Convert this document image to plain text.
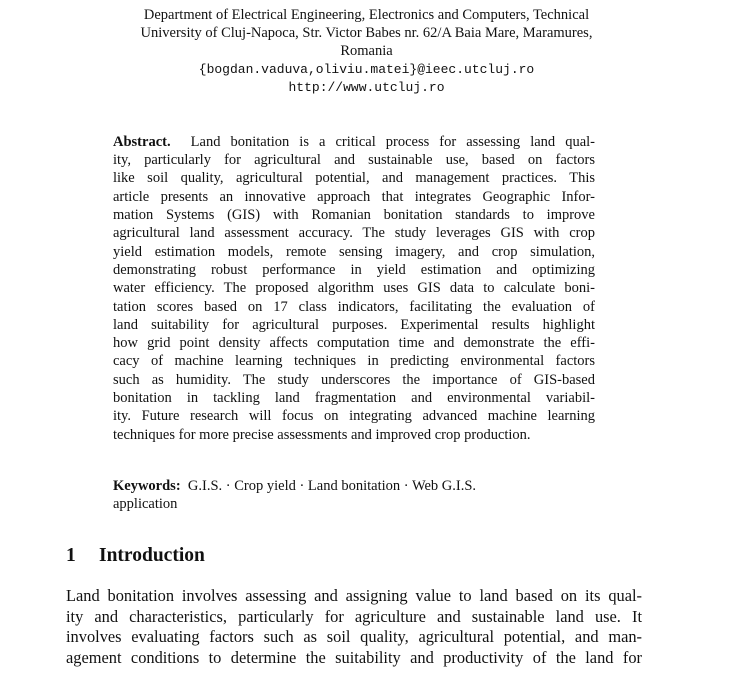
Department of Electrical Engineering, Electronics and Computers, Technical
University of Cluj-Napoca, Str. Victor Babes nr. 62/A Baia Mare, Maramures,
Romania
{bogdan.vaduva,oliviu.matei}@ieec.utcluj.ro
http://www.utcluj.ro
Abstract. Land bonitation is a critical process for assessing land qual-
ity, particularly for agricultural and sustainable use, based on factors
like soil quality, agricultural potential, and management practices. This
article presents an innovative approach that integrates Geographic Infor-
mation Systems (GIS) with Romanian bonitation standards to improve
agricultural land assessment accuracy. The study leverages GIS with crop
yield estimation models, remote sensing imagery, and crop simulation,
demonstrating robust performance in yield estimation and optimizing
water efficiency. The proposed algorithm uses GIS data to calculate boni-
tation scores based on 17 class indicators, facilitating the evaluation of
land suitability for agricultural purposes. Experimental results highlight
how grid point density affects computation time and demonstrate the effi-
cacy of machine learning techniques in predicting environmental factors
such as humidity. The study underscores the importance of GIS-based
bonitation in tackling land fragmentation and environmental variabil-
ity. Future research will focus on integrating advanced machine learning
techniques for more precise assessments and improved crop production.
Keywords: G.I.S. · Crop yield · Land bonitation · Web G.I.S.
application
1 Introduction
Land bonitation involves assessing and assigning value to land based on its qual-
ity and characteristics, particularly for agriculture and sustainable land use. It
involves evaluating factors such as soil quality, agricultural potential, and man-
agement conditions to determine the suitability and productivity of the land for
